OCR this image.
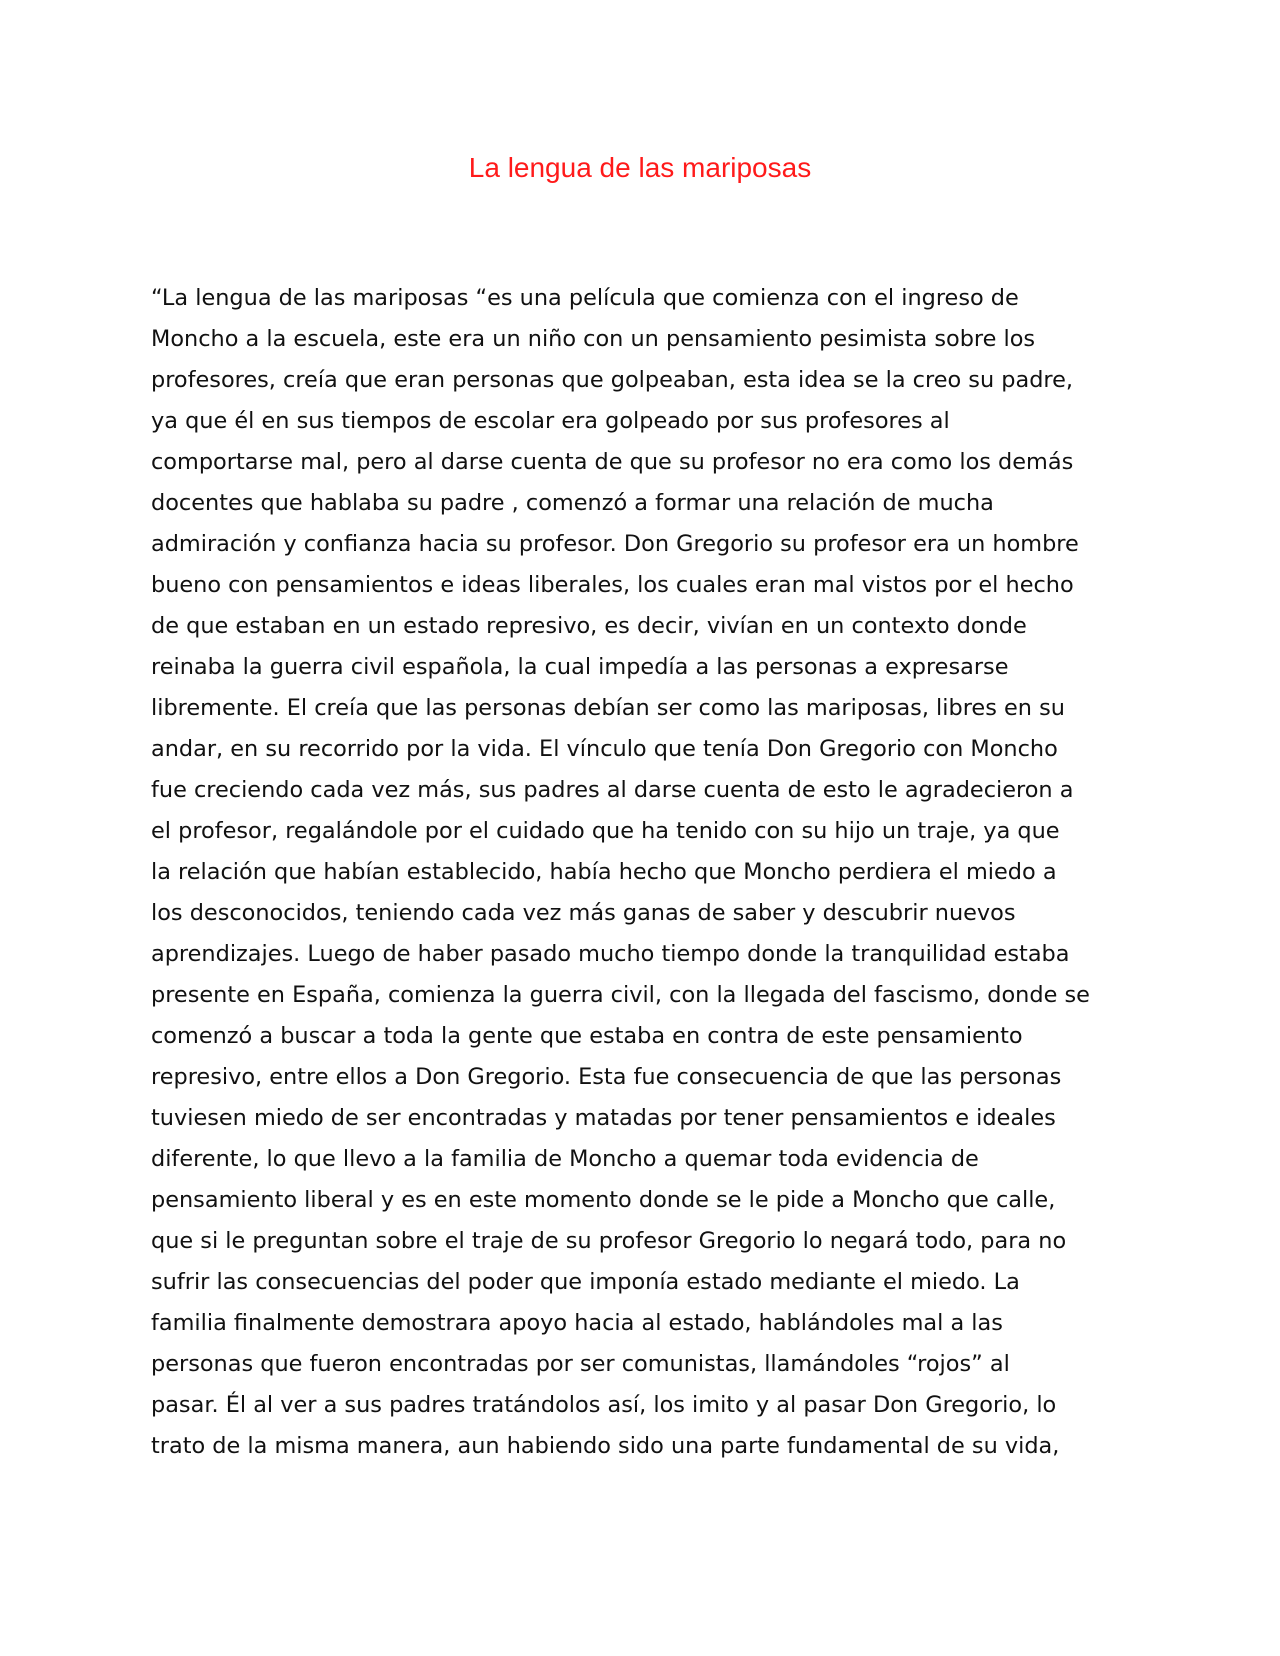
La lengua de las mariposas

“La lengua de las mariposas “es una película que comienza con el ingreso de
Moncho a la escuela, este era un niño con un pensamiento pesimista sobre los
profesores, creía que eran personas que golpeaban, esta idea se la creo su padre,
ya que él en sus tiempos de escolar era golpeado por sus profesores al
comportarse mal, pero al darse cuenta de que su profesor no era como los demás
docentes que hablaba su padre , comenzó a formar una relación de mucha
admiración y confianza hacia su profesor. Don Gregorio su profesor era un hombre
bueno con pensamientos e ideas liberales, los cuales eran mal vistos por el hecho
de que estaban en un estado represivo, es decir, vivían en un contexto donde
reinaba la guerra civil española, la cual impedía a las personas a expresarse
libremente. El creía que las personas debían ser como las mariposas, libres en su
andar, en su recorrido por la vida. El vínculo que tenía Don Gregorio con Moncho
fue creciendo cada vez más, sus padres al darse cuenta de esto le agradecieron a
el profesor, regalándole por el cuidado que ha tenido con su hijo un traje, ya que
la relación que habían establecido, había hecho que Moncho perdiera el miedo a
los desconocidos, teniendo cada vez más ganas de saber y descubrir nuevos
aprendizajes. Luego de haber pasado mucho tiempo donde la tranquilidad estaba
presente en España, comienza la guerra civil, con la llegada del fascismo, donde se
comenzó a buscar a toda la gente que estaba en contra de este pensamiento
represivo, entre ellos a Don Gregorio. Esta fue consecuencia de que las personas
tuviesen miedo de ser encontradas y matadas por tener pensamientos e ideales
diferente, lo que llevo a la familia de Moncho a quemar toda evidencia de
pensamiento liberal y es en este momento donde se le pide a Moncho que calle,
que si le preguntan sobre el traje de su profesor Gregorio lo negará todo, para no
sufrir las consecuencias del poder que imponía estado mediante el miedo. La
familia finalmente demostrara apoyo hacia al estado, hablándoles mal a las
personas que fueron encontradas por ser comunistas, llamándoles “rojos” al
pasar. Él al ver a sus padres tratándolos así, los imito y al pasar Don Gregorio, lo
trato de la misma manera, aun habiendo sido una parte fundamental de su vida,
